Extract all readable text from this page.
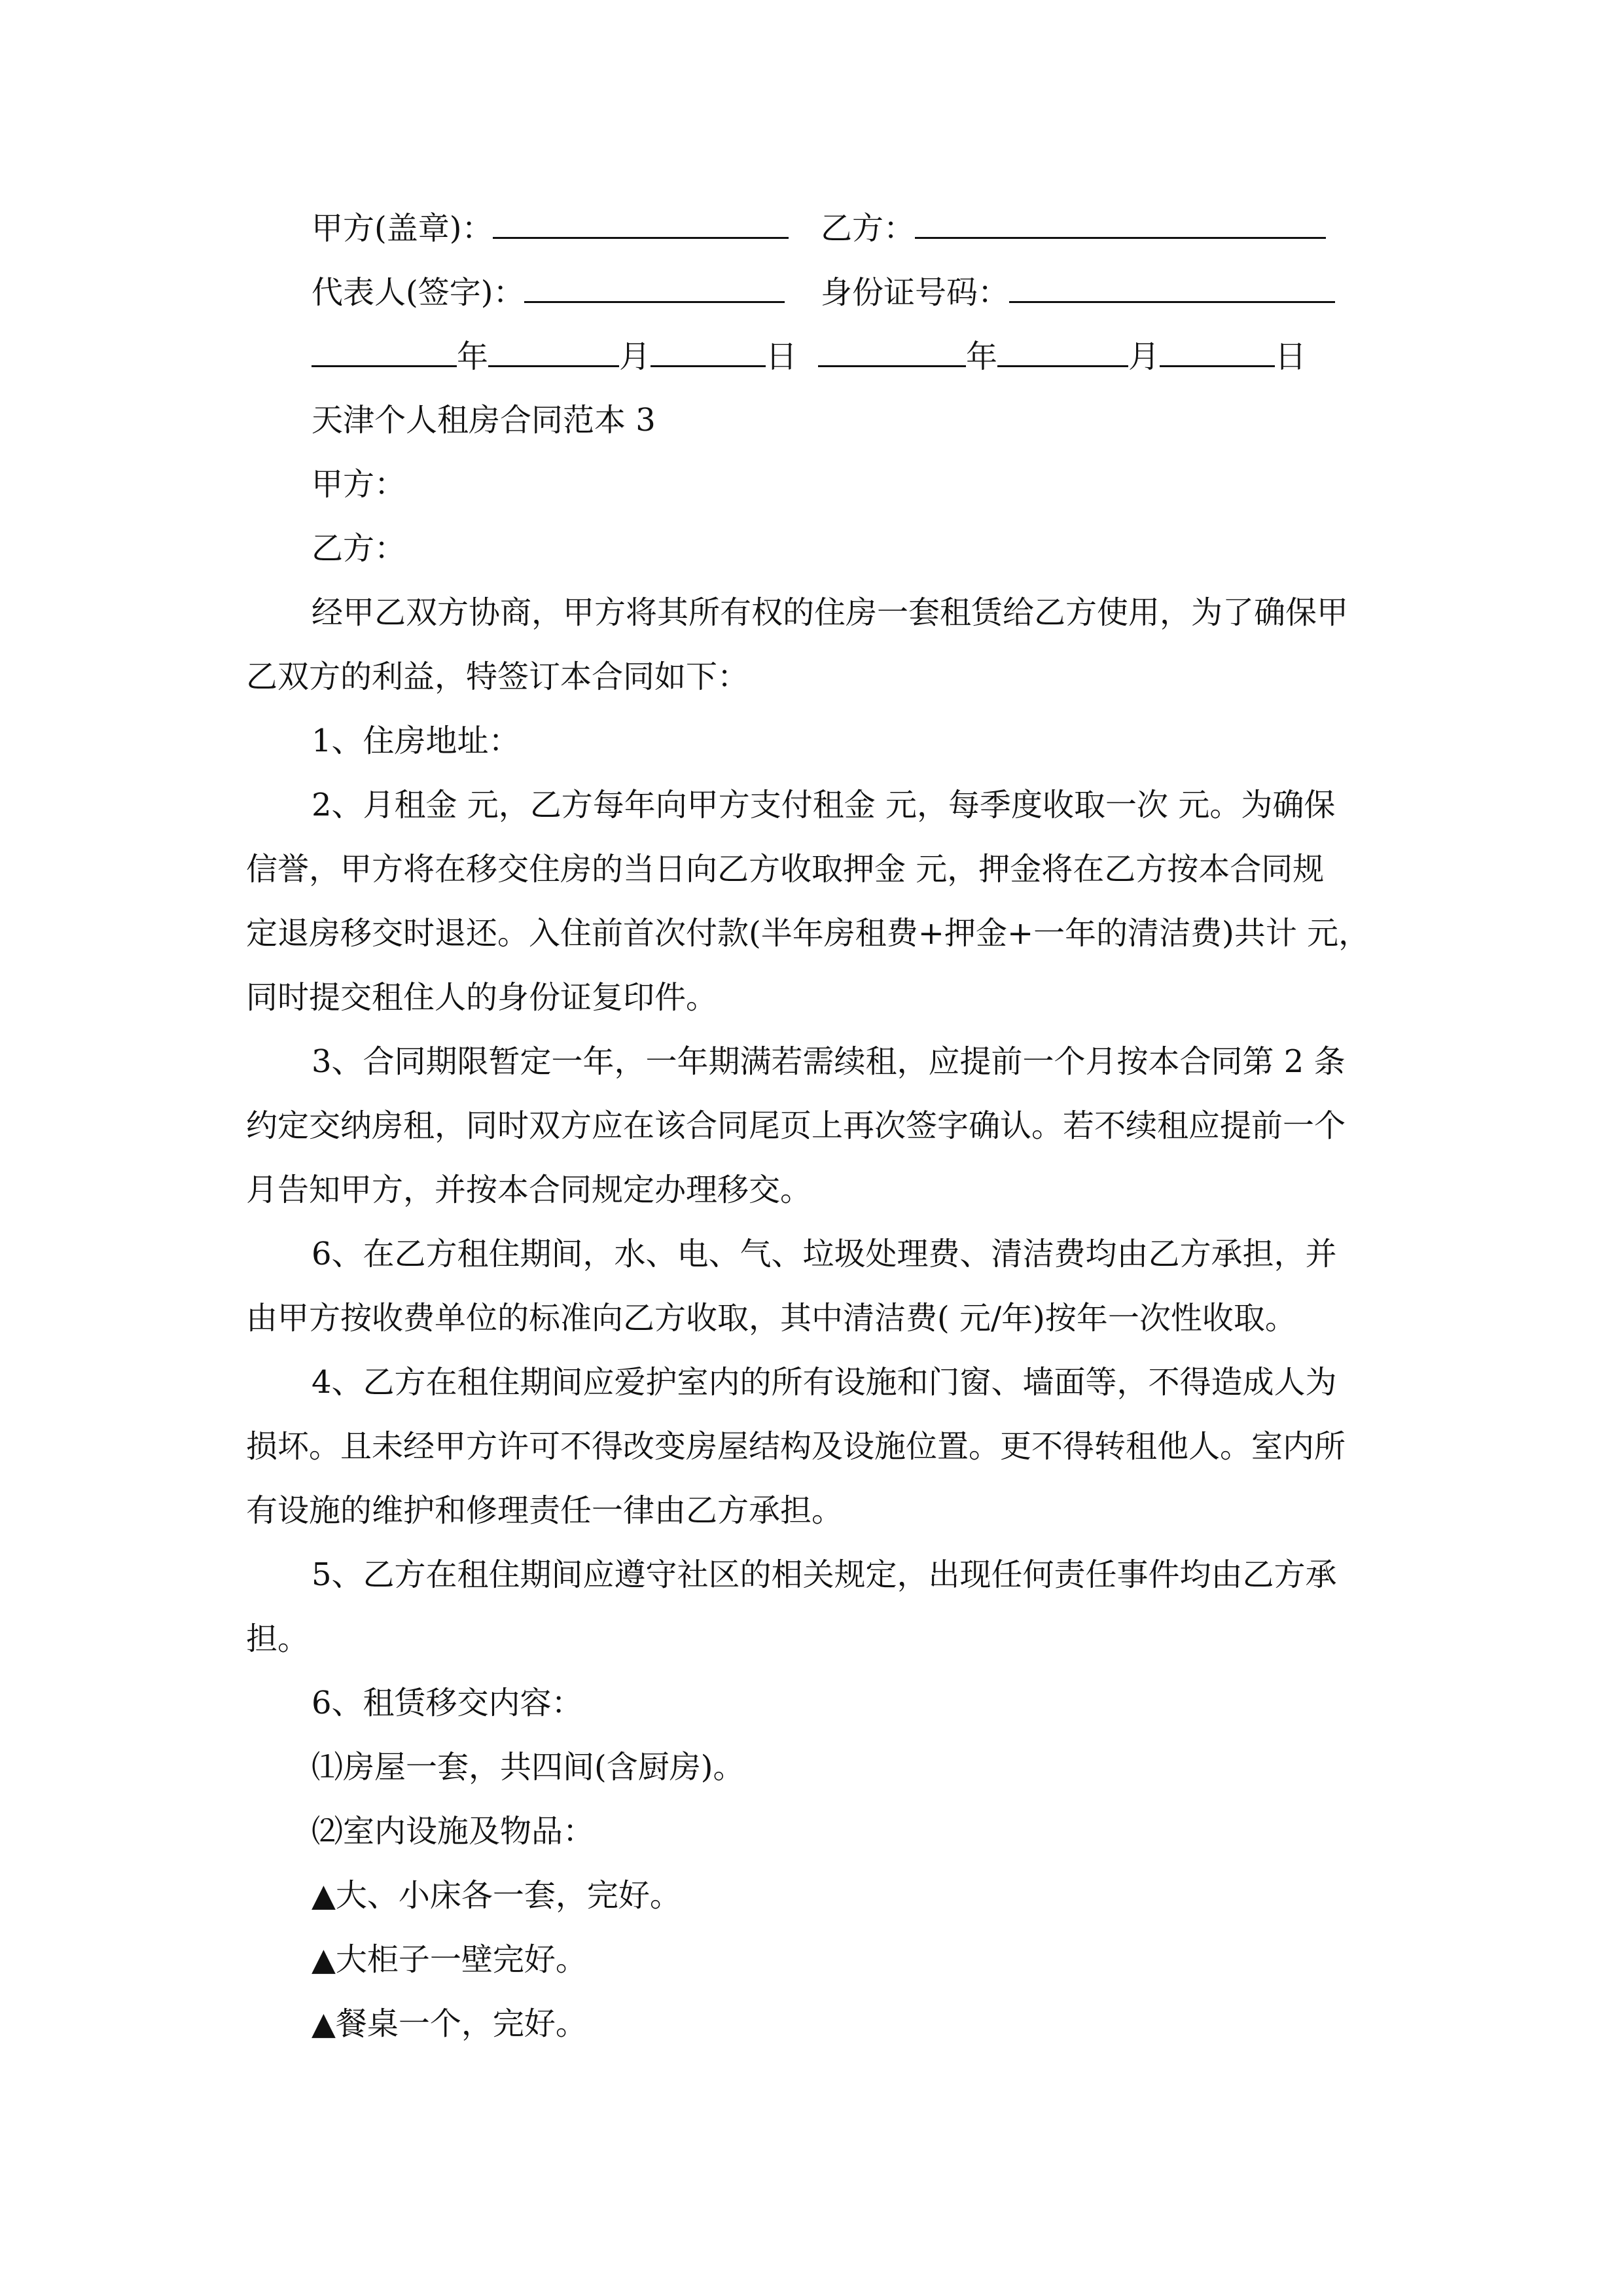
甲方(盖章)：	乙方：
代表人(签字)：	身份证号码：
年	月	日	年	月	日
天津个人租房合同范本 3
甲方：
乙方：
经甲乙双方协商，甲方将其所有权的住房一套租赁给乙方使用，为了确保甲
乙双方的利益，特签订本合同如下：
1、住房地址：
2、月租金 元，乙方每年向甲方支付租金 元，每季度收取一次 元。为确保
信誉，甲方将在移交住房的当日向乙方收取押金 元，押金将在乙方按本合同规
定退房移交时退还。入住前首次付款(半年房租费+押金+一年的清洁费)共计 元，
同时提交租住人的身份证复印件。
3、合同期限暂定一年，一年期满若需续租，应提前一个月按本合同第 2 条
约定交纳房租，同时双方应在该合同尾页上再次签字确认。若不续租应提前一个
月告知甲方，并按本合同规定办理移交。
6、在乙方租住期间，水、电、气、垃圾处理费、清洁费均由乙方承担，并
由甲方按收费单位的标准向乙方收取，其中清洁费( 元/年)按年一次性收取。
4、乙方在租住期间应爱护室内的所有设施和门窗、墙面等，不得造成人为
损坏。且未经甲方许可不得改变房屋结构及设施位置。更不得转租他人。室内所
有设施的维护和修理责任一律由乙方承担。
5、乙方在租住期间应遵守社区的相关规定，出现任何责任事件均由乙方承
担。
6、租赁移交内容：
⑴房屋一套，共四间(含厨房)。
⑵室内设施及物品：
▲大、小床各一套，完好。
▲大柜子一壁完好。
▲餐桌一个，完好。
